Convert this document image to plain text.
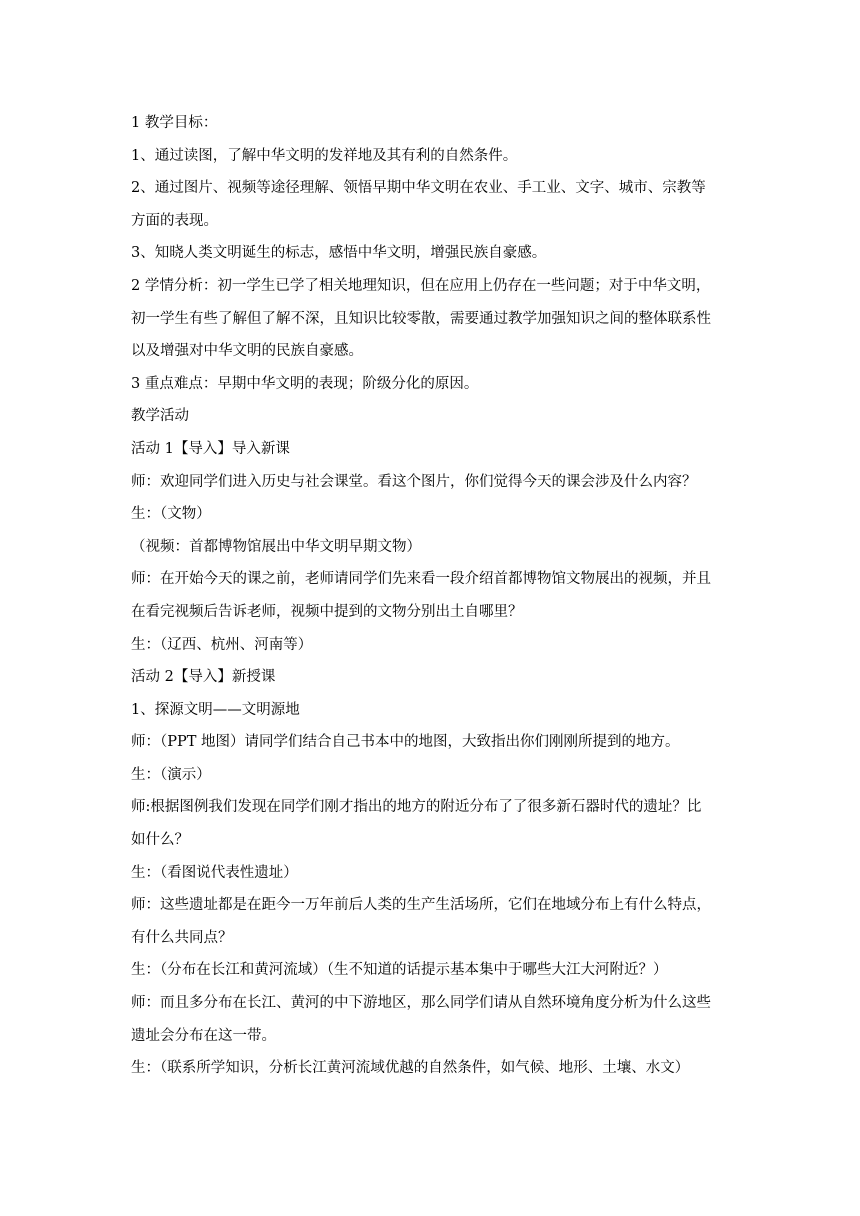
1 教学目标：
1、通过读图，了解中华文明的发祥地及其有利的自然条件。
2、通过图片、视频等途径理解、领悟早期中华文明在农业、手工业、文字、城市、宗教等
方面的表现。
3、知晓人类文明诞生的标志，感悟中华文明，增强民族自豪感。
2 学情分析：初一学生已学了相关地理知识，但在应用上仍存在一些问题；对于中华文明，
初一学生有些了解但了解不深，且知识比较零散，需要通过教学加强知识之间的整体联系性
以及增强对中华文明的民族自豪感。
3 重点难点：早期中华文明的表现；阶级分化的原因。
教学活动
活动 1【导入】导入新课
师：欢迎同学们进入历史与社会课堂。看这个图片，你们觉得今天的课会涉及什么内容？
生：（文物）
（视频：首都博物馆展出中华文明早期文物）
师：在开始今天的课之前，老师请同学们先来看一段介绍首都博物馆文物展出的视频，并且
在看完视频后告诉老师，视频中提到的文物分别出土自哪里？
生：（辽西、杭州、河南等）
活动 2【导入】新授课
1、探源文明——文明源地
师：（PPT 地图）请同学们结合自己书本中的地图，大致指出你们刚刚所提到的地方。
生：（演示）
师:根据图例我们发现在同学们刚才指出的地方的附近分布了了很多新石器时代的遗址？比
如什么？
生：（看图说代表性遗址）
师：这些遗址都是在距今一万年前后人类的生产生活场所，它们在地域分布上有什么特点，
有什么共同点？
生：（分布在长江和黄河流域）（生不知道的话提示基本集中于哪些大江大河附近？）
师：而且多分布在长江、黄河的中下游地区，那么同学们请从自然环境角度分析为什么这些
遗址会分布在这一带。
生：（联系所学知识，分析长江黄河流域优越的自然条件，如气候、地形、土壤、水文）
